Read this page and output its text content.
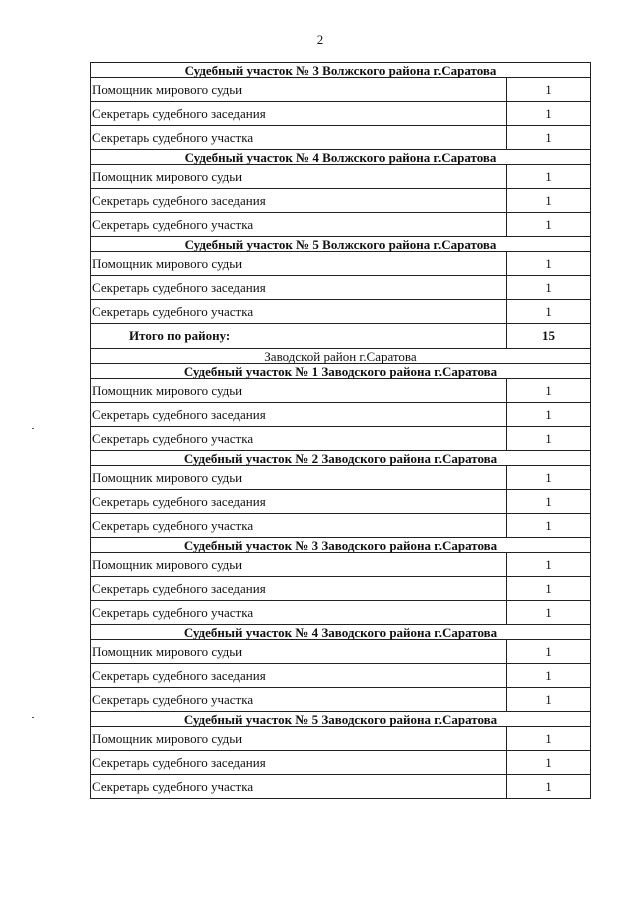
2
Судебный участок № 3 Волжского района г.Саратова	
Помощник мирового судьи	1
Секретарь судебного заседания	1
Секретарь судебного участка	1
Судебный участок № 4 Волжского района г.Саратова	
Помощник мирового судьи	1
Секретарь судебного заседания	1
Секретарь судебного участка	1
Судебный участок № 5 Волжского района г.Саратова	
Помощник мирового судьи	1
Секретарь судебного заседания	1
Секретарь судебного участка	1
Итого по району:	15
Заводской район г.Саратова	
Судебный участок № 1 Заводского района г.Саратова	
Помощник мирового судьи	1
Секретарь судебного заседания	1
Секретарь судебного участка	1
Судебный участок № 2 Заводского района г.Саратова	
Помощник мирового судьи	1
Секретарь судебного заседания	1
Секретарь судебного участка	1
Судебный участок № 3 Заводского района г.Саратова	
Помощник мирового судьи	1
Секретарь судебного заседания	1
Секретарь судебного участка	1
Судебный участок № 4 Заводского района г.Саратова	
Помощник мирового судьи	1
Секретарь судебного заседания	1
Секретарь судебного участка	1
Судебный участок № 5 Заводского района г.Саратова	
Помощник мирового судьи	1
Секретарь судебного заседания	1
Секретарь судебного участка	1
